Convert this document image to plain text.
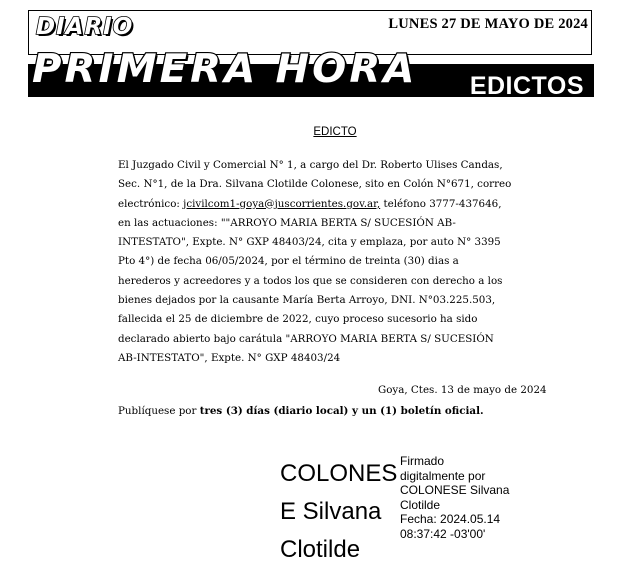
DIARIO	LUNES 27 DE MAYO DE 2024
PRIMERA HORA EDICTOS
EDICTO
El Juzgado Civil y Comercial N° 1, a cargo del Dr. Roberto Ulises Candas,
Sec. N°1, de la Dra. Silvana Clotilde Colonese, sito en Colón N°671, correo
electrónico: jcivilcom1-goya@juscorrientes.gov.ar, teléfono 3777-437646,
en las actuaciones: ""ARROYO MARIA BERTA S/ SUCESIÓN AB-
INTESTATO", Expte. N° GXP 48403/24, cita y emplaza, por auto N° 3395
Pto 4°) de fecha 06/05/2024, por el término de treinta (30) dias a
herederos y acreedores y a todos los que se consideren con derecho a los
bienes dejados por la causante María Berta Arroyo, DNI. N°03.225.503,
fallecida el 25 de diciembre de 2022, cuyo proceso sucesorio ha sido
declarado abierto bajo carátula "ARROYO MARIA BERTA S/ SUCESIÓN
AB-INTESTATO", Expte. N° GXP 48403/24
Goya, Ctes. 13 de mayo de 2024
Publíquese por tres (3) días (diario local) y un (1) boletín oficial.
COLONES
E Silvana
Clotilde
Firmado
digitalmente por
COLONESE Silvana
Clotilde
Fecha: 2024.05.14
08:37:42 -03'00'
